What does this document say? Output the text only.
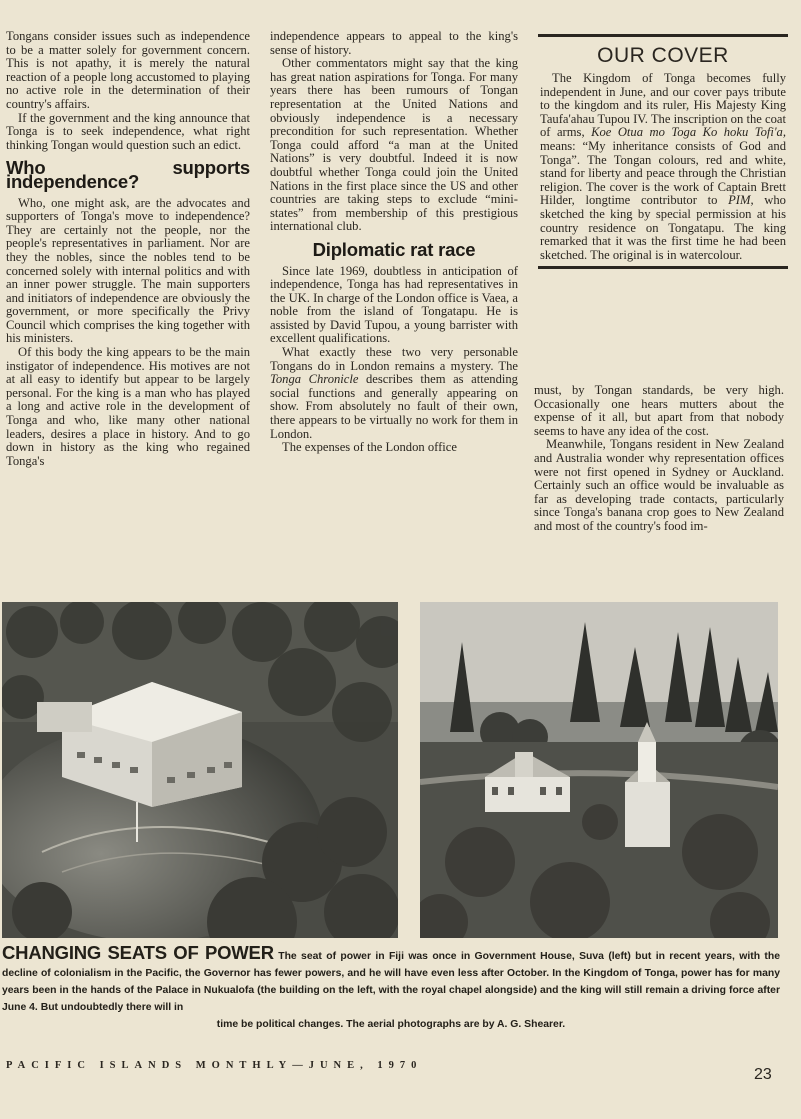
Tongans consider issues such as independence to be a matter solely for government concern. This is not apathy, it is merely the natural reaction of a people long accustomed to playing no active role in the determination of their country's affairs.

If the government and the king announce that Tonga is to seek independence, what right thinking Tongan would question such an edict.

Who supports independence?

Who, one might ask, are the advocates and supporters of Tonga's move to independence? They are certainly not the people, nor the people's representatives in parliament. Nor are they the nobles, since the nobles tend to be concerned solely with internal politics and with an inner power struggle. The main supporters and initiators of independence are obviously the government, or more specifically the Privy Council which comprises the king together with his ministers.

Of this body the king appears to be the main instigator of independence. His motives are not at all easy to identify but appear to be largely personal. For the king is a man who has played a long and active role in the development of Tonga and who, like many other national leaders, desires a place in history. And to go down in history as the king who regained Tonga's

independence appears to appeal to the king's sense of history.

Other commentators might say that the king has great nation aspirations for Tonga. For many years there has been rumours of Tongan representation at the United Nations and obviously independence is a necessary precondition for such representation. Whether Tonga could afford “a man at the United Nations” is very doubtful. Indeed it is now doubtful whether Tonga could join the United Nations in the first place since the US and other countries are taking steps to exclude “mini-states” from membership of this prestigious international club.

Diplomatic rat race

Since late 1969, doubtless in anticipation of independence, Tonga has had representatives in the UK. In charge of the London office is Vaea, a noble from the island of Tongatapu. He is assisted by David Tupou, a young barrister with excellent qualifications.

What exactly these two very personable Tongans do in London remains a mystery. The Tonga Chronicle describes them as attending social functions and generally appearing on show. From absolutely no fault of their own, there appears to be virtually no work for them in London.

The expenses of the London office

OUR COVER

The Kingdom of Tonga becomes fully independent in June, and our cover pays tribute to the kingdom and its ruler, His Majesty King Taufa'ahau Tupou IV. The inscription on the coat of arms, Koe Otua mo Toga Ko hoku Tofi'a, means: “My inheritance consists of God and Tonga”. The Tongan colours, red and white, stand for liberty and peace through the Christian religion. The cover is the work of Captain Brett Hilder, longtime contributor to PIM, who sketched the king by special permission at his country residence on Tongatapu. The king remarked that it was the first time he had been sketched. The original is in watercolour.

must, by Tongan standards, be very high. Occasionally one hears mutters about the expense of it all, but apart from that nobody seems to have any idea of the cost.

Meanwhile, Tongans resident in New Zealand and Australia wonder why representation offices were not first opened in Sydney or Auckland. Certainly such an office would be invaluable as far as developing trade contacts, particularly since Tonga's banana crop goes to New Zealand and most of the country's food im-

CHANGING SEATS OF POWER The seat of power in Fiji was once in Government House, Suva (left) but in recent years, with the decline of colonialism in the Pacific, the Governor has fewer powers, and he will have even less after October. In the Kingdom of Tonga, power has for many years been in the hands of the Palace in Nukualofa (the building on the left, with the royal chapel alongside) and the king will still remain a driving force after June 4. But undoubtedly there will in
time be political changes. The aerial photographs are by A. G. Shearer.
PACIFIC ISLANDS MONTHLY—JUNE, 1970
23
